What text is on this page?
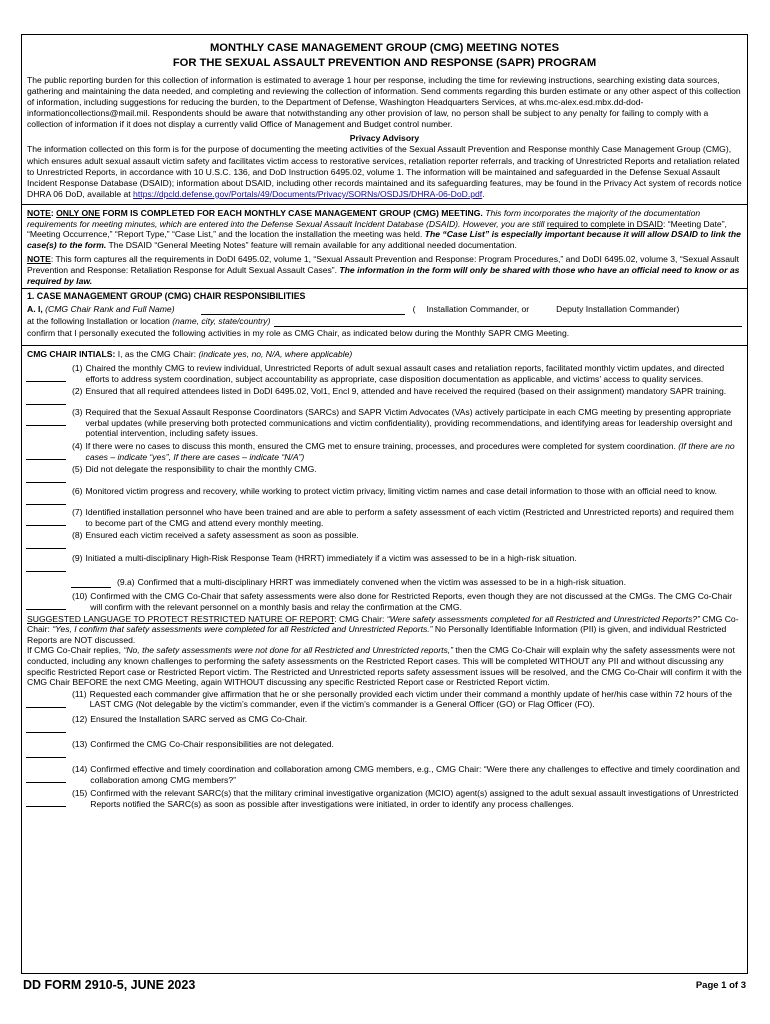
MONTHLY CASE MANAGEMENT GROUP (CMG) MEETING NOTES
FOR THE SEXUAL ASSAULT PREVENTION AND RESPONSE (SAPR) PROGRAM
The public reporting burden for this collection of information is estimated to average 1 hour per response, including the time for reviewing instructions, searching existing data sources, gathering and maintaining the data needed, and completing and reviewing the collection of information. Send comments regarding this burden estimate or any other aspect of this collection of information, including suggestions for reducing the burden, to the Department of Defense, Washington Headquarters Services, at whs.mc-alex.esd.mbx.dd-dod-informationcollections@mail.mil. Respondents should be aware that notwithstanding any other provision of law, no person shall be subject to any penalty for failing to comply with a collection of information if it does not display a currently valid Office of Management and Budget control number.
Privacy Advisory
The information collected on this form is for the purpose of documenting the meeting activities of the Sexual Assault Prevention and Response monthly Case Management Group (CMG), which ensures adult sexual assault victim safety and facilitates victim access to restorative services, retaliation reporter referrals, and tracking of Unrestricted Reports and retaliation related to Unrestricted Reports, in accordance with 10 U.S.C. 136, and DoD Instruction 6495.02, volume 1. The information will be maintained and safeguarded in the Defense Sexual Assault Incident Response Database (DSAID); information about DSAID, including other records maintained and its safeguarding features, may be found in the Privacy Act system of records notice DHRA 06 DoD, available at https://dpcld.defense.gov/Portals/49/Documents/Privacy/SORNs/OSDJS/DHRA-06-DoD.pdf.
NOTE: ONLY ONE FORM IS COMPLETED FOR EACH MONTHLY CASE MANAGEMENT GROUP (CMG) MEETING. This form incorporates the majority of the documentation requirements for meeting minutes, which are entered into the Defense Sexual Assault Incident Database (DSAID). However, you are still required to complete in DSAID: “Meeting Date”, “Meeting Occurrence,” “Report Type,” “Case List,” and the location the installation the meeting was held. The “Case List” is especially important because it will allow DSAID to link the case(s) to the form. The DSAID “General Meeting Notes” feature will remain available for any additional needed documentation.
NOTE: This form captures all the requirements in DoDI 6495.02, volume 1, “Sexual Assault Prevention and Response: Program Procedures,” and DoDI 6495.02, volume 3, “Sexual Assault Prevention and Response: Retaliation Response for Adult Sexual Assault Cases”. The information in the form will only be shared with those who have an official need to know or as required by law.
1. CASE MANAGEMENT GROUP (CMG) CHAIR RESPONSIBILITIES
A. I,
(CMG Chair Rank and Full Name)	( Installation Commander, or	Deputy Installation Commander)
at the following Installation or location
(name, city, state/country)
confirm that I personally executed the following activities in my role as CMG Chair, as indicated below during the Monthly SAPR CMG Meeting.
CMG CHAIR INTIALS: I, as the CMG Chair: (indicate yes, no, N/A, where applicable)
(1) Chaired the monthly CMG to review individual, Unrestricted Reports of adult sexual assault cases and retaliation reports, facilitated monthly victim updates, and directed efforts to address system coordination, subject accountability as appropriate, case disposition documentation as applicable, and victims’ access to quality services.
(2) Ensured that all required attendees listed in DoDI 6495.02, Vol1, Encl 9, attended and have received the required (based on their assignment) mandatory SAPR training.
(3) Required that the Sexual Assault Response Coordinators (SARCs) and SAPR Victim Advocates (VAs) actively participate in each CMG meeting by presenting appropriate verbal updates (while preserving both protected communications and victim confidentiality), providing recommendations, and identifying areas for leadership oversight and potential intervention, including safety issues.
(4) If there were no cases to discuss this month, ensured the CMG met to ensure training, processes, and procedures were completed for system coordination. (If there are no cases – indicate “yes”, If there are cases – indicate “N/A”)
(5) Did not delegate the responsibility to chair the monthly CMG.
(6) Monitored victim progress and recovery, while working to protect victim privacy, limiting victim names and case detail information to those with an official need to know.
(7) Identified installation personnel who have been trained and are able to perform a safety assessment of each victim (Restricted and Unrestricted reports) and required them to become part of the CMG and attend every monthly meeting.
(8) Ensured each victim received a safety assessment as soon as possible.
(9) Initiated a multi-disciplinary High-Risk Response Team (HRRT) immediately if a victim was assessed to be in a high-risk situation.
(9.a) Confirmed that a multi-disciplinary HRRT was immediately convened when the victim was assessed to be in a high-risk situation.
(10) Confirmed with the CMG Co-Chair that safety assessments were also done for Restricted Reports, even though they are not discussed at the CMGs. The CMG Co-Chair will confirm with the relevant personnel on a monthly basis and relay the confirmation at the CMG.
SUGGESTED LANGUAGE TO PROTECT RESTRICTED NATURE OF REPORT: CMG Chair: “Were safety assessments completed for all Restricted and Unrestricted Reports?” CMG Co-Chair: “Yes, I confirm that safety assessments were completed for all Restricted and Unrestricted Reports.” No Personally Identifiable Information (PII) is given, and individual Restricted Reports are NOT discussed.
If CMG Co-Chair replies, “No, the safety assessments were not done for all Restricted and Unrestricted reports,” then the CMG Co-Chair will explain why the safety assessments were not conducted, including any known challenges to performing the safety assessments on the Restricted Report cases. This will be completed WITHOUT any PII and without discussing any specific Restricted Report case or Restricted Report victim. The Restricted and Unrestricted reports safety assessment issues will be resolved, and the CMG Co-Chair will confirm it with the CMG Chair BEFORE the next CMG Meeting, again WITHOUT discussing any specific Restricted Report case or Restricted Report victim.
(11) Requested each commander give affirmation that he or she personally provided each victim under their command a monthly update of her/his case within 72 hours of the LAST CMG (Not delegable by the victim’s commander, even if the victim’s commander is a General Officer (GO) or Flag Officer (FO).
(12) Ensured the Installation SARC served as CMG Co-Chair.
(13) Confirmed the CMG Co-Chair responsibilities are not delegated.
(14) Confirmed effective and timely coordination and collaboration among CMG members, e.g., CMG Chair: “Were there any challenges to effective and timely coordination and collaboration among CMG members?”
(15) Confirmed with the relevant SARC(s) that the military criminal investigative organization (MCIO) agent(s) assigned to the adult sexual assault investigations of Unrestricted Reports notified the SARC(s) as soon as possible after investigations were initiated, in order to identify any process challenges.
DD FORM 2910-5, JUNE 2023	Page 1 of 3
